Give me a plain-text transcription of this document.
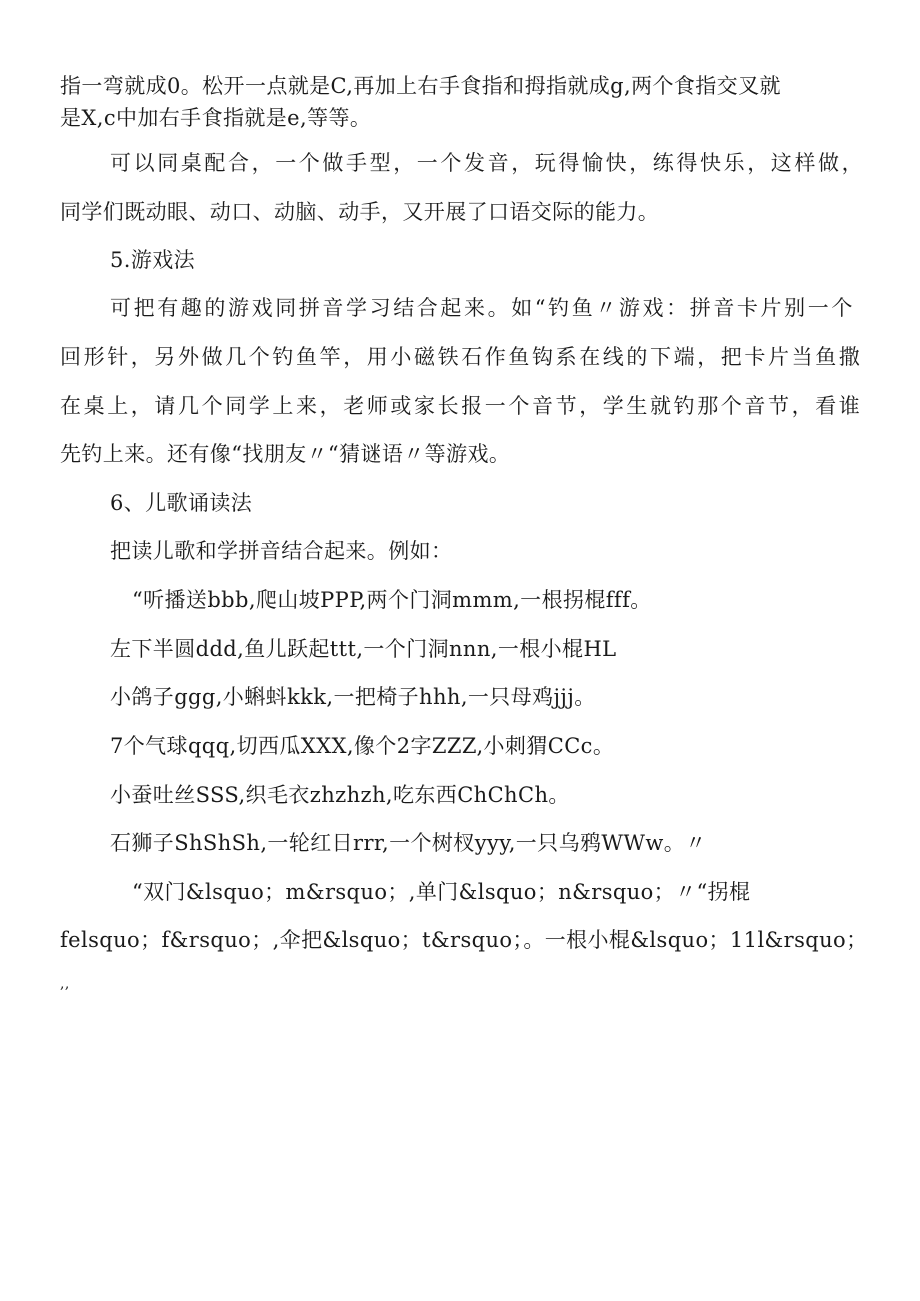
指一弯就成0。松开一点就是C,再加上右手食指和拇指就成g,两个食指交叉就
是X,c中加右手食指就是e,等等。
可以同桌配合，一个做手型，一个发音，玩得愉快，练得快乐，这样做，
同学们既动眼、动口、动脑、动手，又开展了口语交际的能力。
5.游戏法
可把有趣的游戏同拼音学习结合起来。如“钓鱼〃游戏：拼音卡片别一个
回形针，另外做几个钓鱼竿，用小磁铁石作鱼钩系在线的下端，把卡片当鱼撒
在桌上，请几个同学上来，老师或家长报一个音节，学生就钓那个音节，看谁
先钓上来。还有像“找朋友〃“猜谜语〃等游戏。
6、儿歌诵读法
把读儿歌和学拼音结合起来。例如：
“听播送bbb,爬山坡PPP,两个门洞mmm,一根拐棍fff。
左下半圆ddd,鱼儿跃起ttt,一个门洞nnn,一根小棍HL
小鸽子ggg,小蝌蚪kkk,一把椅子hhh,一只母鸡jjj。
7个气球qqq,切西瓜XXX,像个2字ZZZ,小刺猬CCc。
小蚕吐丝SSS,织毛衣zhzhzh,吃东西ChChCh。
石狮子ShShSh,一轮红日rrr,一个树杈yyy,一只乌鸦WWw。〃
“双门&lsquo；m&rsquo；,单门&lsquo；n&rsquo；〃“拐棍
felsquo；f&rsquo；,伞把&lsquo；t&rsquo；。一根小棍&lsquo；11l&rsquo；
,,
